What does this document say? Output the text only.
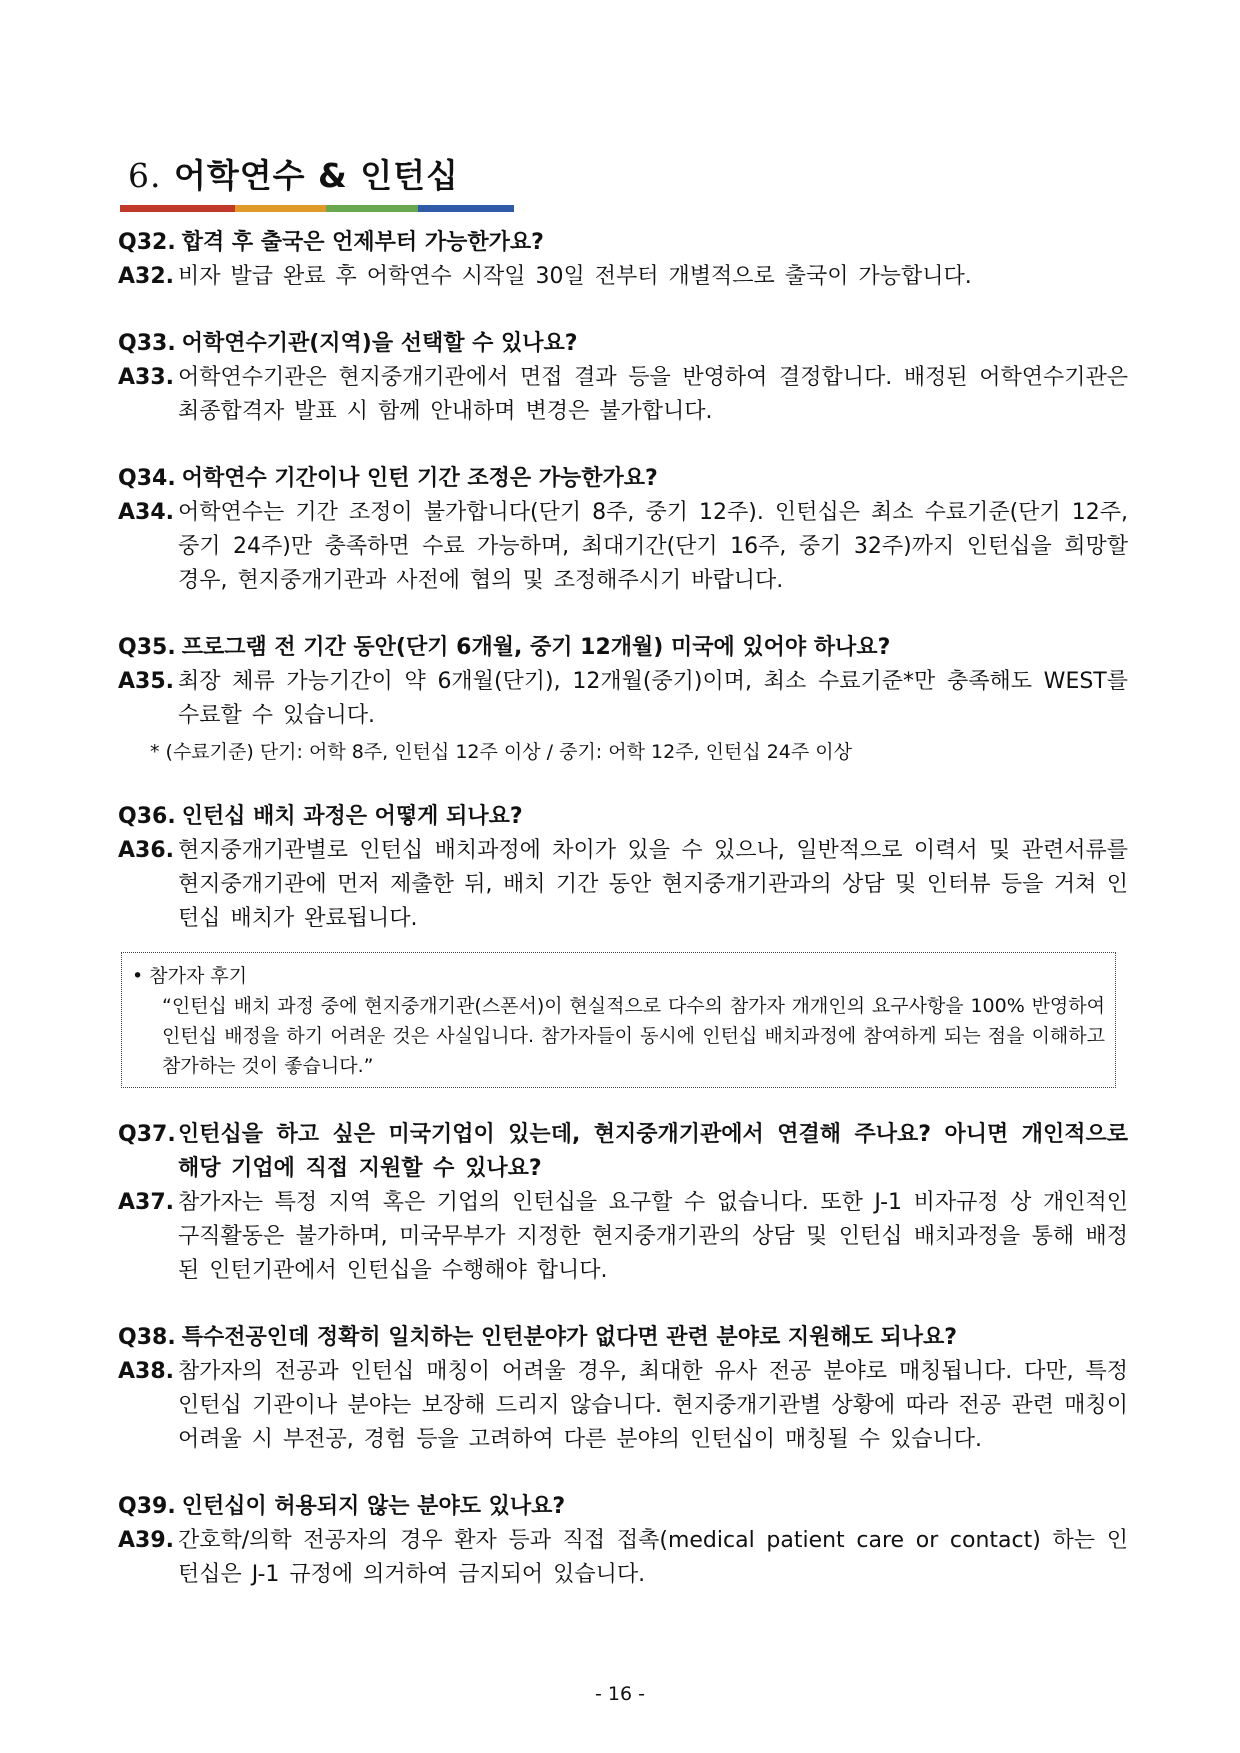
6. 어학연수 & 인턴십
Q32. 합격 후 출국은 언제부터 가능한가요?
A32. 비자 발급 완료 후 어학연수 시작일 30일 전부터 개별적으로 출국이 가능합니다.
Q33. 어학연수기관(지역)을 선택할 수 있나요?
A33. 어학연수기관은 현지중개기관에서 면접 결과 등을 반영하여 결정합니다. 배정된 어학연수기관은 최종합격자 발표 시 함께 안내하며 변경은 불가합니다.
Q34. 어학연수 기간이나 인턴 기간 조정은 가능한가요?
A34. 어학연수는 기간 조정이 불가합니다(단기 8주, 중기 12주). 인턴십은 최소 수료기준(단기 12주, 중기 24주)만 충족하면 수료 가능하며, 최대기간(단기 16주, 중기 32주)까지 인턴십을 희망할 경우, 현지중개기관과 사전에 협의 및 조정해주시기 바랍니다.
Q35. 프로그램 전 기간 동안(단기 6개월, 중기 12개월) 미국에 있어야 하나요?
A35. 최장 체류 가능기간이 약 6개월(단기), 12개월(중기)이며, 최소 수료기준*만 충족해도 WEST를 수료할 수 있습니다.
* (수료기준) 단기: 어학 8주, 인턴십 12주 이상 / 중기: 어학 12주, 인턴십 24주 이상
Q36. 인턴십 배치 과정은 어떻게 되나요?
A36. 현지중개기관별로 인턴십 배치과정에 차이가 있을 수 있으나, 일반적으로 이력서 및 관련서류를 현지중개기관에 먼저 제출한 뒤, 배치 기간 동안 현지중개기관과의 상담 및 인터뷰 등을 거쳐 인턴십 배치가 완료됩니다.
• 참가자 후기
“인턴십 배치 과정 중에 현지중개기관(스폰서)이 현실적으로 다수의 참가자 개개인의 요구사항을 100% 반영하여 인턴십 배정을 하기 어려운 것은 사실입니다. 참가자들이 동시에 인턴십 배치과정에 참여하게 되는 점을 이해하고 참가하는 것이 좋습니다.”
Q37. 인턴십을 하고 싶은 미국기업이 있는데, 현지중개기관에서 연결해 주나요? 아니면 개인적으로 해당 기업에 직접 지원할 수 있나요?
A37. 참가자는 특정 지역 혹은 기업의 인턴십을 요구할 수 없습니다. 또한 J-1 비자규정 상 개인적인 구직활동은 불가하며, 미국무부가 지정한 현지중개기관의 상담 및 인턴십 배치과정을 통해 배정된 인턴기관에서 인턴십을 수행해야 합니다.
Q38. 특수전공인데 정확히 일치하는 인턴분야가 없다면 관련 분야로 지원해도 되나요?
A38. 참가자의 전공과 인턴십 매칭이 어려울 경우, 최대한 유사 전공 분야로 매칭됩니다. 다만, 특정 인턴십 기관이나 분야는 보장해 드리지 않습니다. 현지중개기관별 상황에 따라 전공 관련 매칭이 어려울 시 부전공, 경험 등을 고려하여 다른 분야의 인턴십이 매칭될 수 있습니다.
Q39. 인턴십이 허용되지 않는 분야도 있나요?
A39. 간호학/의학 전공자의 경우 환자 등과 직접 접촉(medical patient care or contact) 하는 인턴십은 J-1 규정에 의거하여 금지되어 있습니다.
- 16 -
